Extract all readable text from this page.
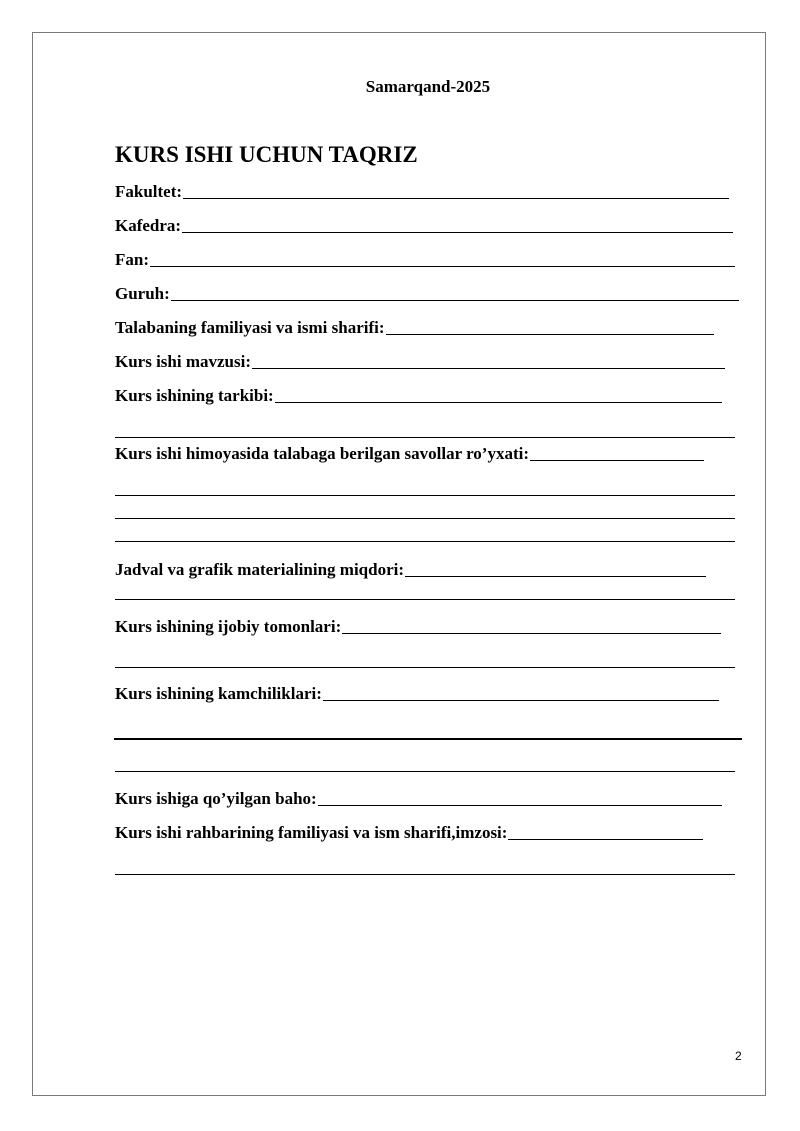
Samarqand-2025
KURS ISHI UCHUN TAQRIZ
Fakultet:
Kafedra:
Fan:
Guruh:
Talabaning familiyasi va ismi sharifi:
Kurs ishi mavzusi:
Kurs ishining tarkibi:
Kurs ishi himoyasida talabaga berilgan savollar ro’yxati:
Jadval va grafik materialining miqdori:
Kurs ishining ijobiy tomonlari:
Kurs ishining kamchiliklari:
Kurs ishiga qo’yilgan baho:
Kurs ishi rahbarining familiyasi va ism sharifi,imzosi:
2
